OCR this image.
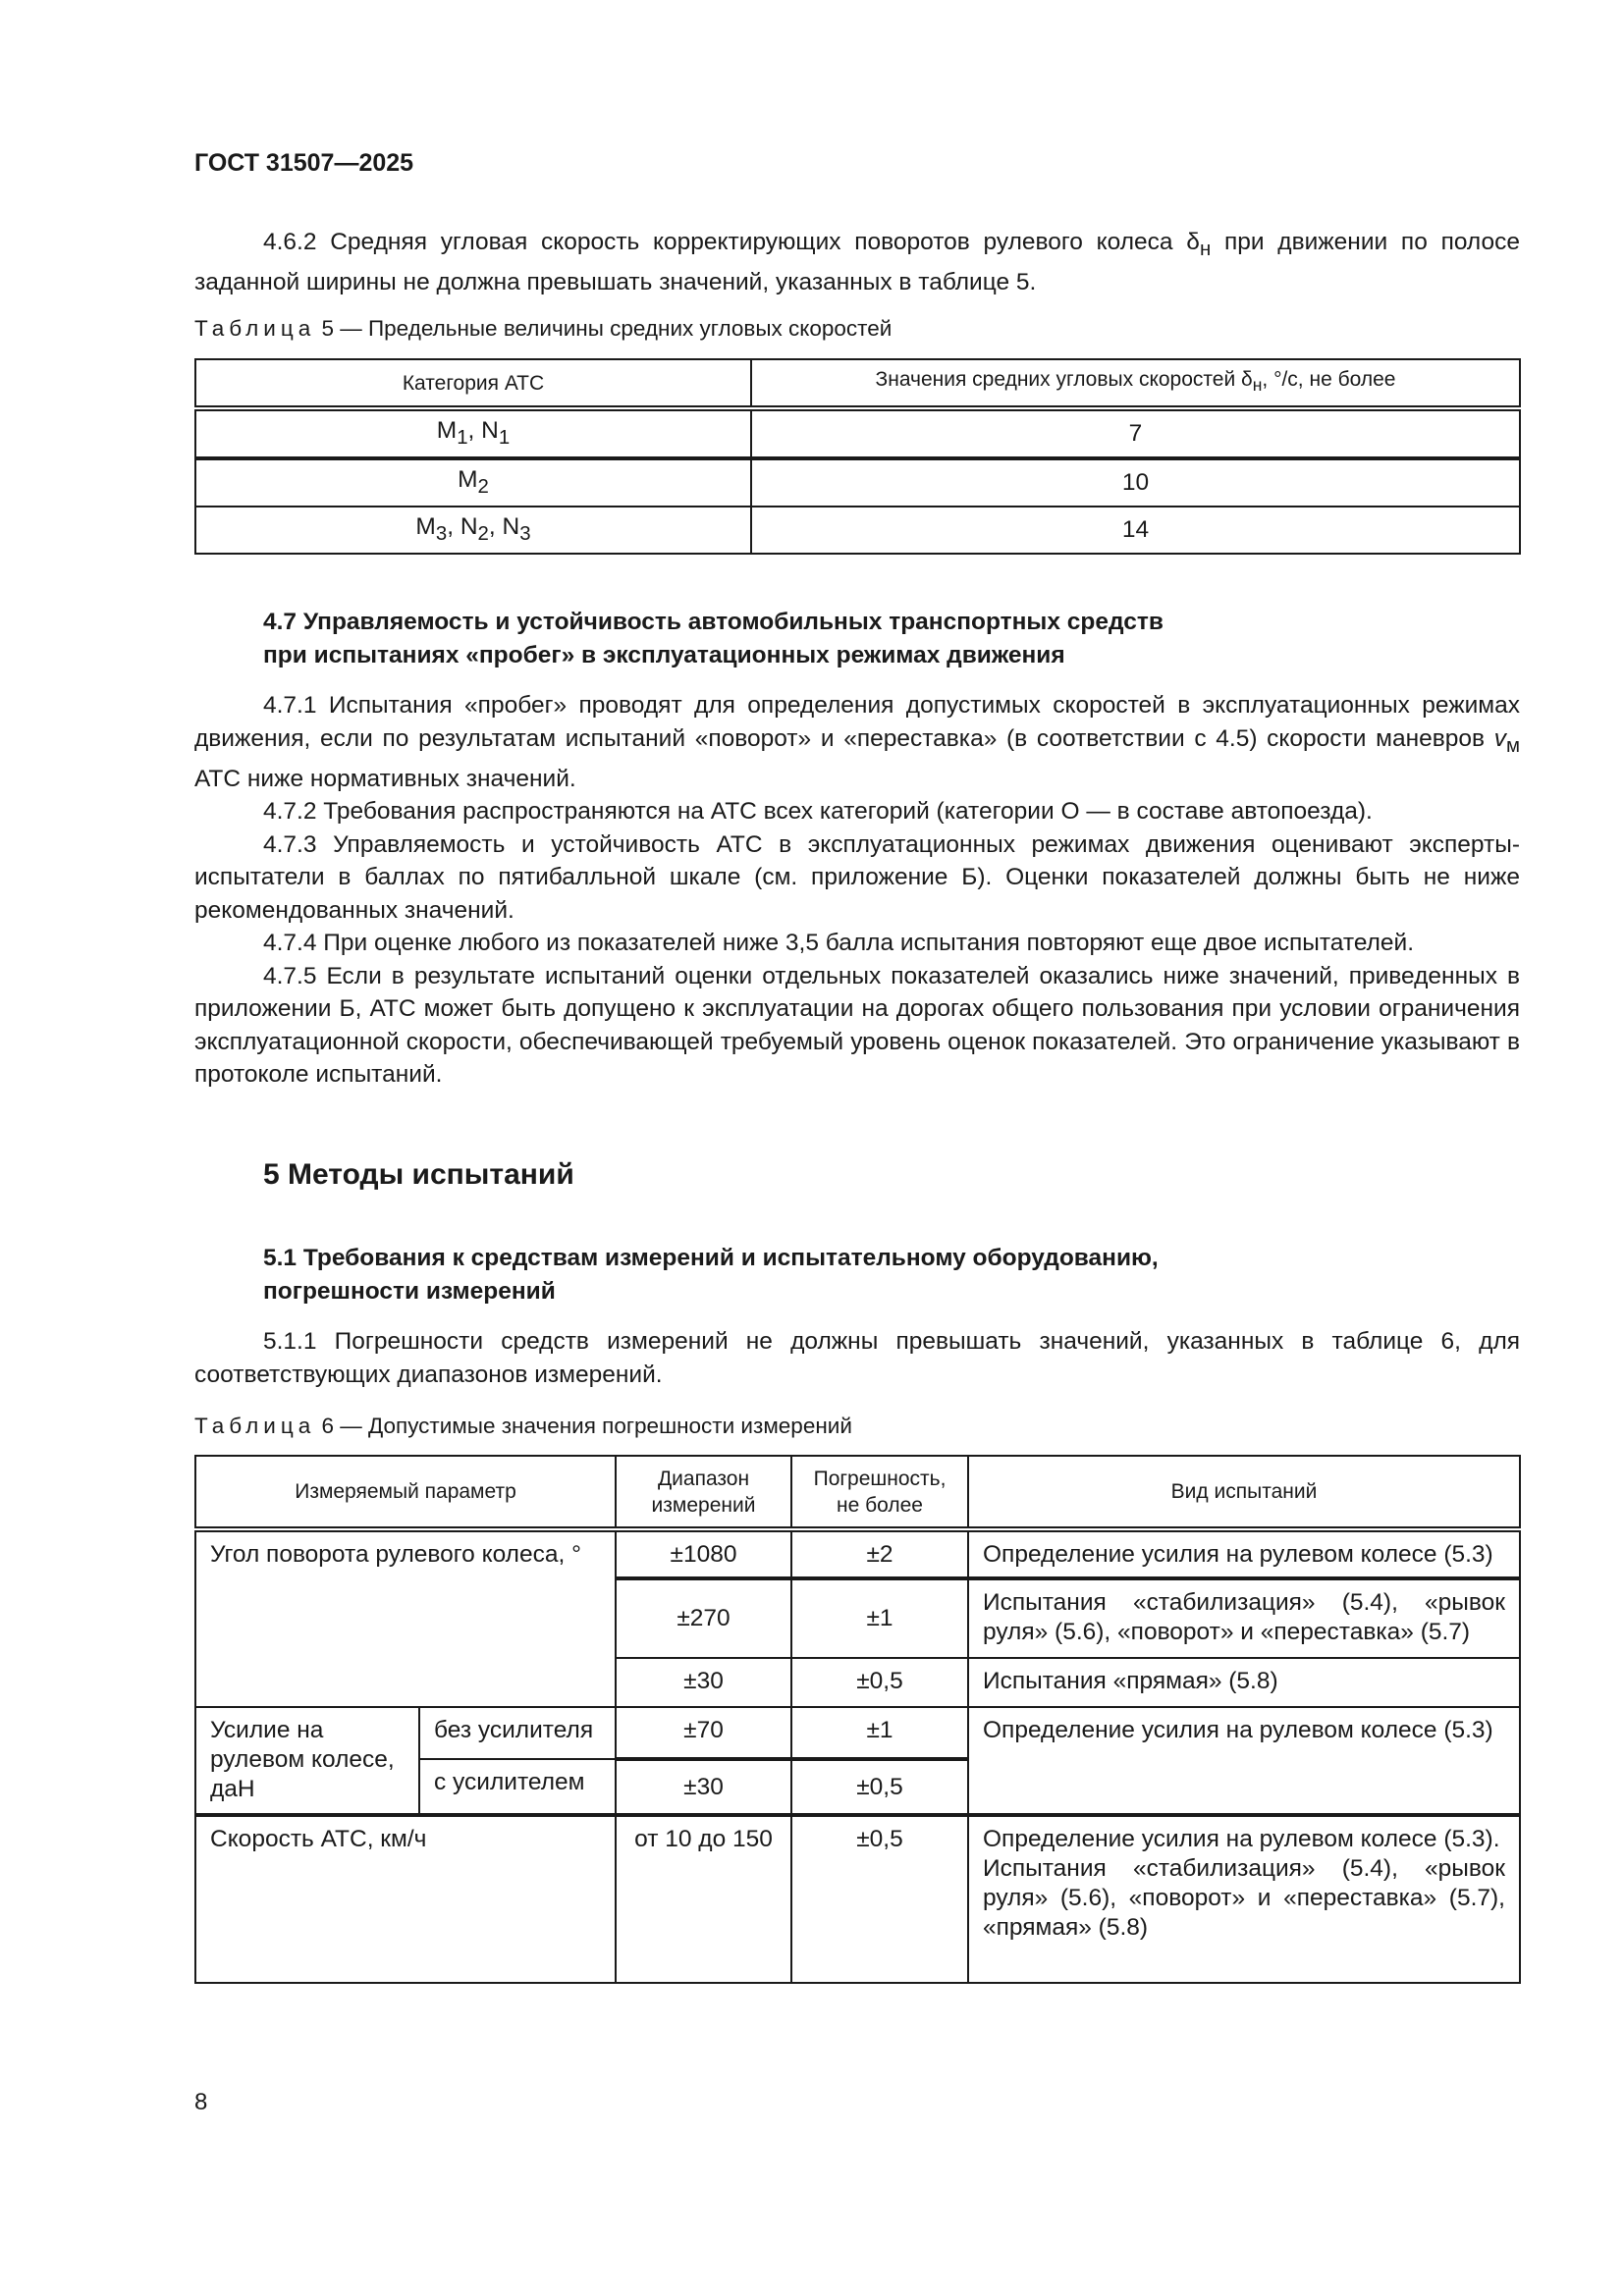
ГОСТ 31507—2025

4.6.2 Средняя угловая скорость корректирующих поворотов рулевого колеса $\delta_н$ при движении по полосе заданной ширины не должна превышать значений, указанных в таблице 5.

Таблица 5 — Предельные величины средних угловых скоростей
Категория АТС	Значения средних угловых скоростей $\delta_н$, °/с, не более
$M_1$, $N_1$	7
$M_2$	10
$M_3$, $N_2$, $N_3$	14
4.7 Управляемость и устойчивость автомобильных транспортных средств
при испытаниях «пробег» в эксплуатационных режимах движения

4.7.1 Испытания «пробег» проводят для определения допустимых скоростей в эксплуатационных режимах движения, если по результатам испытаний «поворот» и «переставка» (в соответствии с 4.5) скорости маневров $v_м$ АТС ниже нормативных значений.

4.7.2 Требования распространяются на АТС всех категорий (категории О — в составе автопоезда).

4.7.3 Управляемость и устойчивость АТС в эксплуатационных режимах движения оценивают эксперты-испытатели в баллах по пятибалльной шкале (см. приложение Б). Оценки показателей должны быть не ниже рекомендованных значений.

4.7.4 При оценке любого из показателей ниже 3,5 балла испытания повторяют еще двое испытателей.

4.7.5 Если в результате испытаний оценки отдельных показателей оказались ниже значений, приведенных в приложении Б, АТС может быть допущено к эксплуатации на дорогах общего пользования при условии ограничения эксплуатационной скорости, обеспечивающей требуемый уровень оценок показателей. Это ограничение указывают в протоколе испытаний.

5 Методы испытаний
5.1 Требования к средствам измерений и испытательному оборудованию,
погрешности измерений

5.1.1 Погрешности средств измерений не должны превышать значений, указанных в таблице 6, для соответствующих диапазонов измерений.

Таблица 6 — Допустимые значения погрешности измерений
Измеряемый параметр		Диапазон измерений	Погрешность, не более	Вид испытаний
Угол поворота рулевого колеса, °		±1080	±2	Определение усилия на рулевом колесе (5.3)
		±270	±1	Испытания «стабилизация» (5.4), «рывок руля» (5.6), «поворот» и «переставка» (5.7)
		±30	±0,5	Испытания «прямая» (5.8)
Усилие на рулевом колесе, даН	без усилителя	±70	±1	Определение усилия на рулевом колесе (5.3)
	с усилителем	±30	±0,5	
Скорость АТС, км/ч		от 10 до 150	±0,5	Определение усилия на рулевом колесе (5.3).
Испытания «стабилизация» (5.4), «рывок руля» (5.6), «поворот» и «переставка» (5.7), «прямая» (5.8)
8
